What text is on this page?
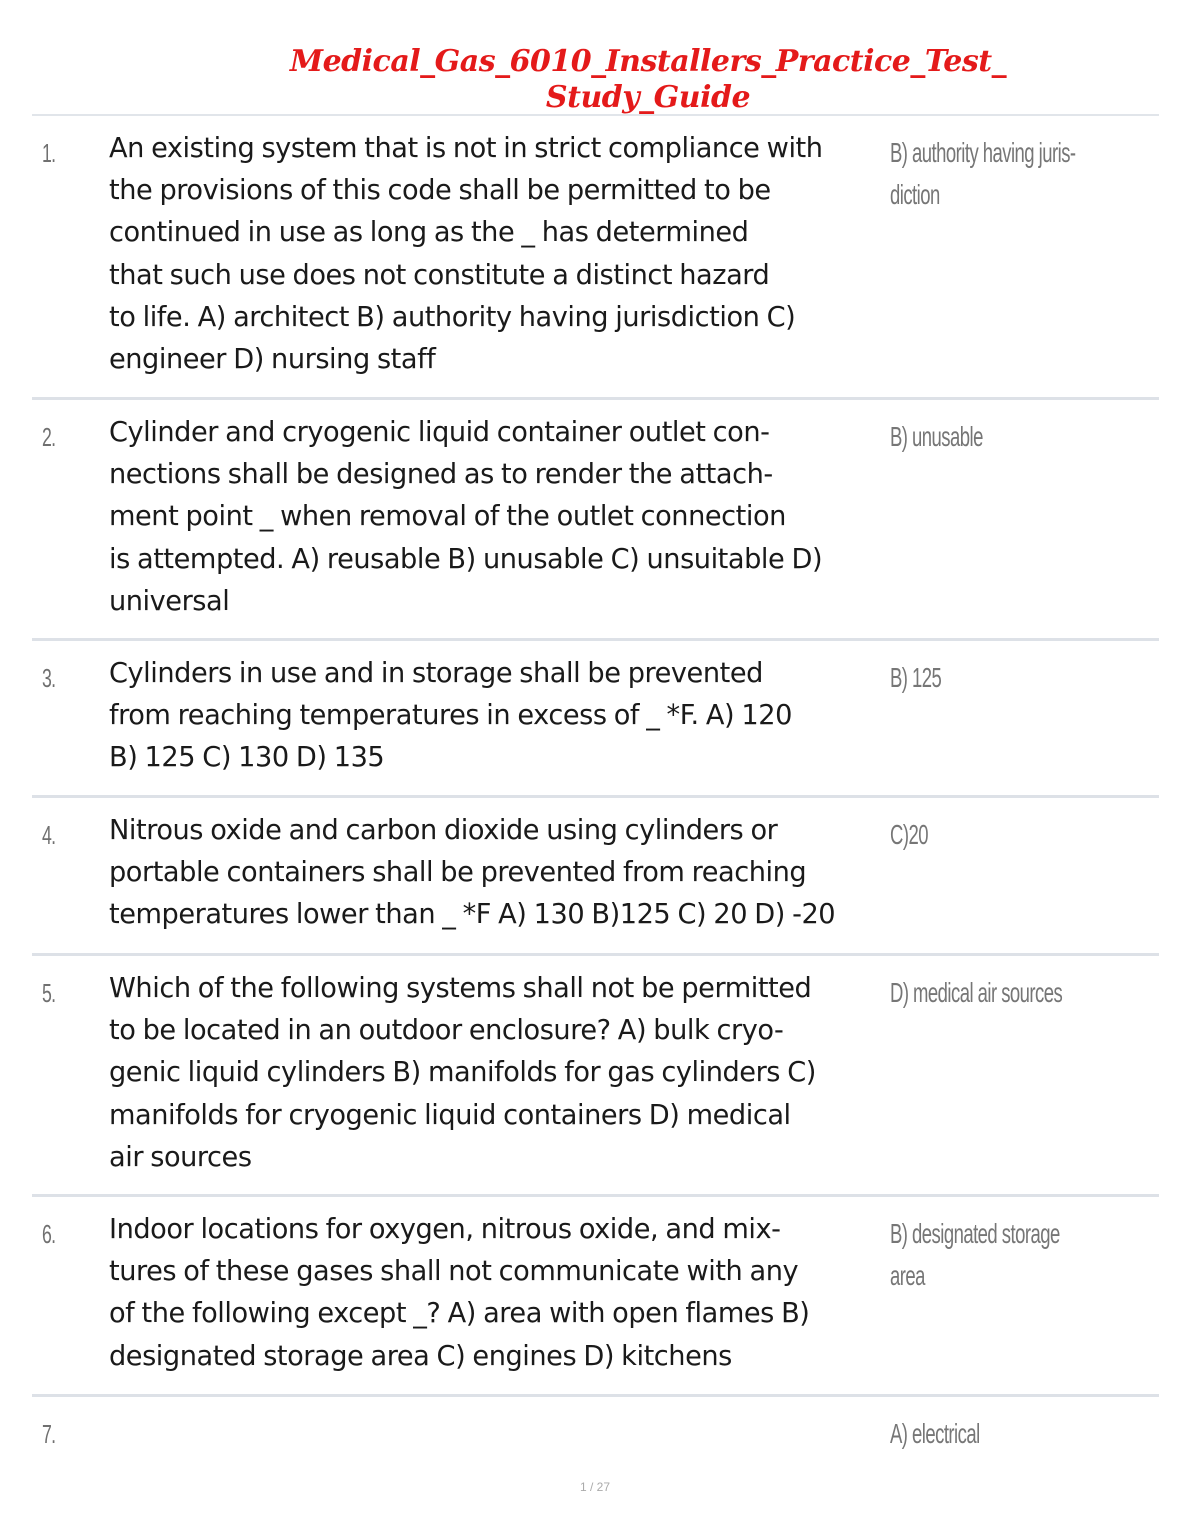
Medical_Gas_6010_Installers_Practice_Test_
Study_Guide
1. An existing system that is not in strict compliance with
the provisions of this code shall be permitted to be
continued in use as long as the _ has determined
that such use does not constitute a distinct hazard
to life. A) architect B) authority having jurisdiction C)
engineer D) nursing staff
B) authority having juris-
diction
2. Cylinder and cryogenic liquid container outlet con-
nections shall be designed as to render the attach-
ment point _ when removal of the outlet connection
is attempted. A) reusable B) unusable C) unsuitable D)
universal
B) unusable
3. Cylinders in use and in storage shall be prevented
from reaching temperatures in excess of _ *F. A) 120
B) 125 C) 130 D) 135
B) 125
4. Nitrous oxide and carbon dioxide using cylinders or
portable containers shall be prevented from reaching
temperatures lower than _ *F A) 130 B)125 C) 20 D) -20
C)20
5. Which of the following systems shall not be permitted
to be located in an outdoor enclosure? A) bulk cryo-
genic liquid cylinders B) manifolds for gas cylinders C)
manifolds for cryogenic liquid containers D) medical
air sources
D) medical air sources
6. Indoor locations for oxygen, nitrous oxide, and mix-
tures of these gases shall not communicate with any
of the following except _? A) area with open flames B)
designated storage area C) engines D) kitchens
B) designated storage
area
7.	A) electrical
1 / 27
